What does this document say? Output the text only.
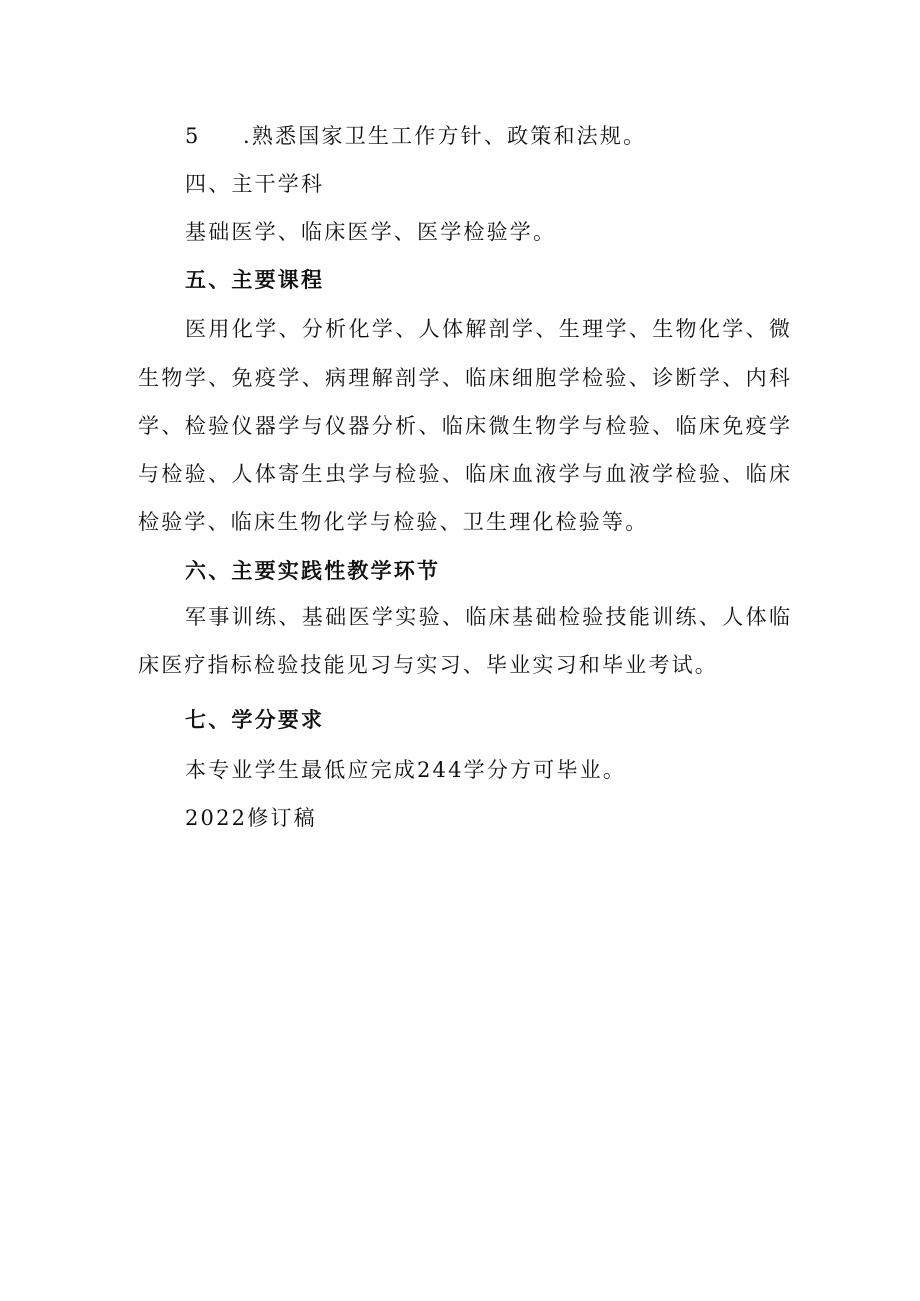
5 .熟悉国家卫生工作方针、政策和法规。
四、主干学科
基础医学、临床医学、医学检验学。
五、主要课程
医用化学、分析化学、人体解剖学、生理学、生物化学、微
生物学、免疫学、病理解剖学、临床细胞学检验、诊断学、内科
学、检验仪器学与仪器分析、临床微生物学与检验、临床免疫学
与检验、人体寄生虫学与检验、临床血液学与血液学检验、临床
检验学、临床生物化学与检验、卫生理化检验等。
六、主要实践性教学环节
军事训练、基础医学实验、临床基础检验技能训练、人体临
床医疗指标检验技能见习与实习、毕业实习和毕业考试。
七、学分要求
本专业学生最低应完成244学分方可毕业。
2022修订稿
